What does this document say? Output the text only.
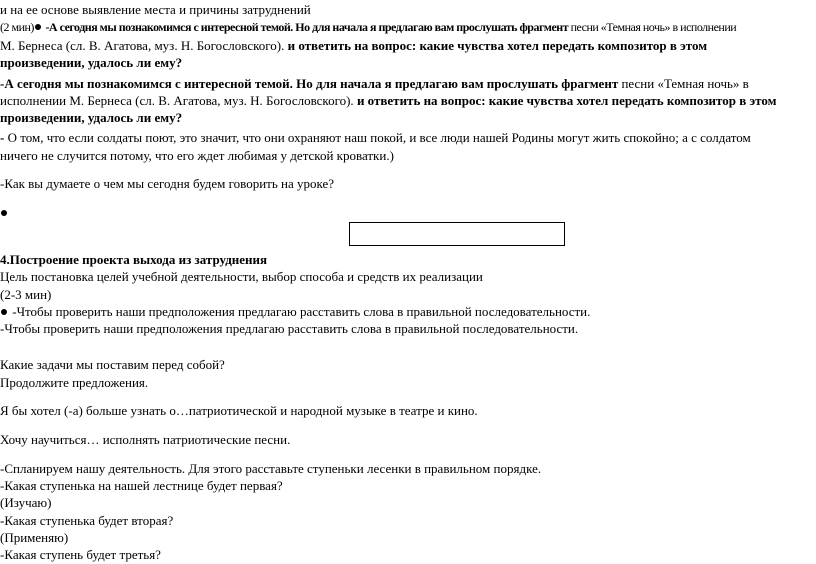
и на ее основе выявление места и причины затруднений
(2 мин) -А сегодня мы познакомимся с интересной темой. Но для начала я предлагаю вам прослушать фрагмент песни «Темная ночь» в исполнении
М. Бернеса (сл. В. Агатова, муз. Н. Богословского). и ответить на вопрос: какие чувства хотел передать композитор в этом
произведении, удалось ли ему?
-А сегодня мы познакомимся с интересной темой. Но для начала я предлагаю вам прослушать фрагмент песни «Темная ночь» в
исполнении М. Бернеса (сл. В. Агатова, муз. Н. Богословского). и ответить на вопрос: какие чувства хотел передать композитор в этом
произведении, удалось ли ему?
- О том, что если солдаты поют, это значит, что они охраняют наш покой, и все люди нашей Родины могут жить спокойно; а с солдатом
ничего не случится потому, что его ждет любимая у детской кроватки.)
-Как вы думаете о чем мы сегодня будем говорить на уроке?
4.Построение проекта выхода из затруднения
Цель постановка целей учебной деятельности, выбор способа и средств их реализации
(2-3 мин)
-Чтобы проверить наши предположения предлагаю расставить слова в правильной последовательности.
-Чтобы проверить наши предположения предлагаю расставить слова в правильной последовательности.
Какие задачи мы поставим перед собой?
Продолжите предложения.
Я бы хотел (-а) больше узнать о…патриотической и народной музыке в театре и кино.
Хочу научиться… исполнять патриотические песни.
-Спланируем нашу деятельность. Для этого расставьте ступеньки лесенки в правильном порядке.
-Какая ступенька на нашей лестнице будет первая?
(Изучаю)
-Какая ступенька будет вторая?
(Применяю)
-Какая ступень будет третья?
